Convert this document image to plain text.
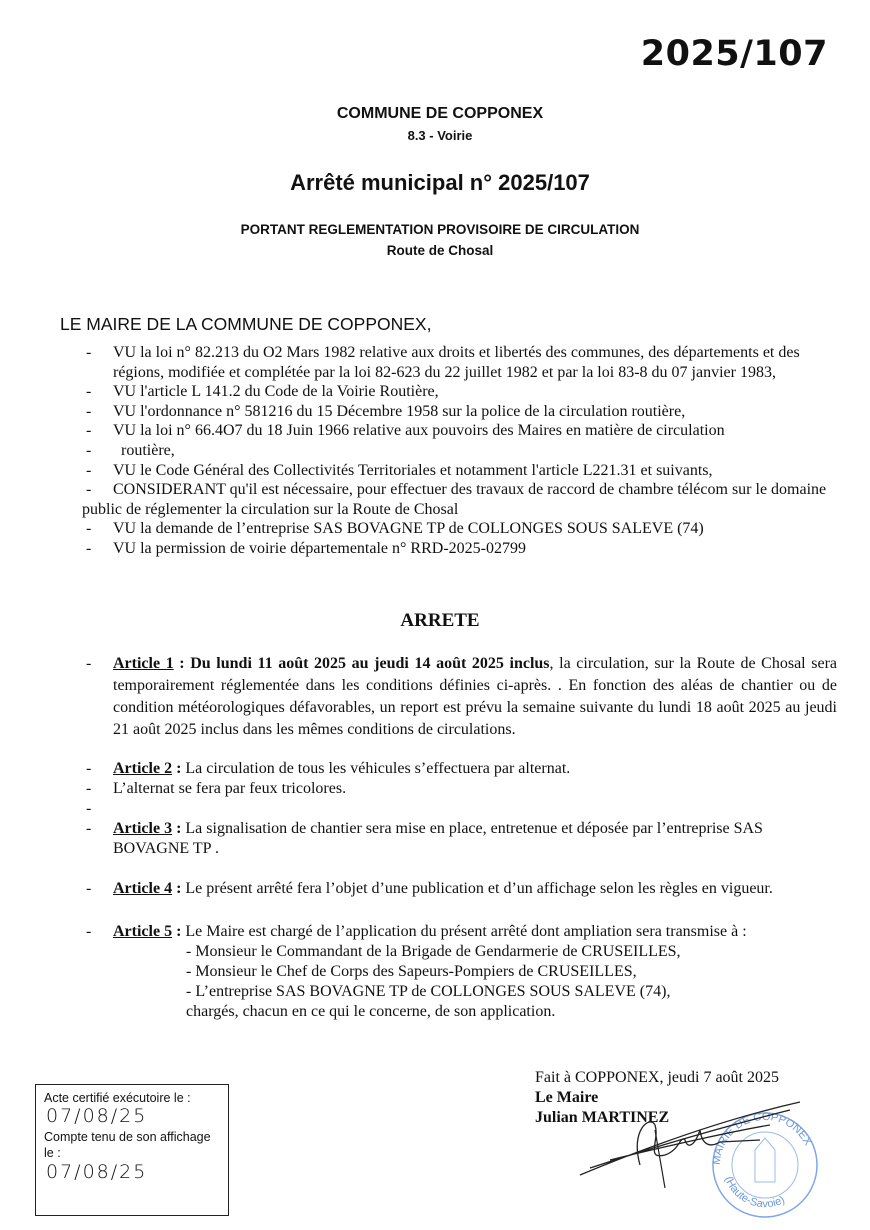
2025/107
COMMUNE DE COPPONEX
8.3 - Voirie
Arrêté municipal n° 2025/107
PORTANT REGLEMENTATION PROVISOIRE DE CIRCULATION
Route de Chosal
LE MAIRE DE LA COMMUNE DE COPPONEX,
- VU la loi n° 82.213 du O2 Mars 1982 relative aux droits et libertés des communes, des départements et des régions, modifiée et complétée par la loi 82-623 du 22 juillet 1982 et par la loi 83-8 du 07 janvier 1983,
- VU l'article L 141.2 du Code de la Voirie Routière,
- VU l'ordonnance n° 581216 du 15 Décembre 1958 sur la police de la circulation routière,
- VU la loi n° 66.4O7 du 18 Juin 1966 relative aux pouvoirs des Maires en matière de circulation
- routière,
- VU le Code Général des Collectivités Territoriales et notamment l'article L221.31 et suivants,
- CONSIDERANT qu'il est nécessaire, pour effectuer des travaux de raccord de chambre télécom sur le domaine public de réglementer la circulation sur la Route de Chosal
- VU la demande de l’entreprise SAS BOVAGNE TP de COLLONGES SOUS SALEVE (74)
- VU la permission de voirie départementale n° RRD-2025-02799
ARRETE
- Article 1 : Du lundi 11 août 2025 au jeudi 14 août 2025 inclus, la circulation, sur la Route de Chosal sera temporairement réglementée dans les conditions définies ci-après. . En fonction des aléas de chantier ou de condition météorologiques défavorables, un report est prévu la semaine suivante du lundi 18 août 2025 au jeudi 21 août 2025 inclus dans les mêmes conditions de circulations.
- Article 2 : La circulation de tous les véhicules s’effectuera par alternat.
- L’alternat se fera par feux tricolores.
-
- Article 3 : La signalisation de chantier sera mise en place, entretenue et déposée par l’entreprise SAS BOVAGNE TP .
- Article 4 : Le présent arrêté fera l’objet d’une publication et d’un affichage selon les règles en vigueur.
- Article 5 : Le Maire est chargé de l’application du présent arrêté dont ampliation sera transmise à :
- Monsieur le Commandant de la Brigade de Gendarmerie de CRUSEILLES,
- Monsieur le Chef de Corps des Sapeurs-Pompiers de CRUSEILLES,
- L’entreprise SAS BOVAGNE TP de COLLONGES SOUS SALEVE (74),
chargés, chacun en ce qui le concerne, de son application.
Acte certifié exécutoire le :
07/08/25
Compte tenu de son affichage le :
07/08/25
Fait à COPPONEX, jeudi 7 août 2025
Le Maire
Julian MARTINEZ
MAIRIE DE COPPONEX
(Haute-Savoie)
